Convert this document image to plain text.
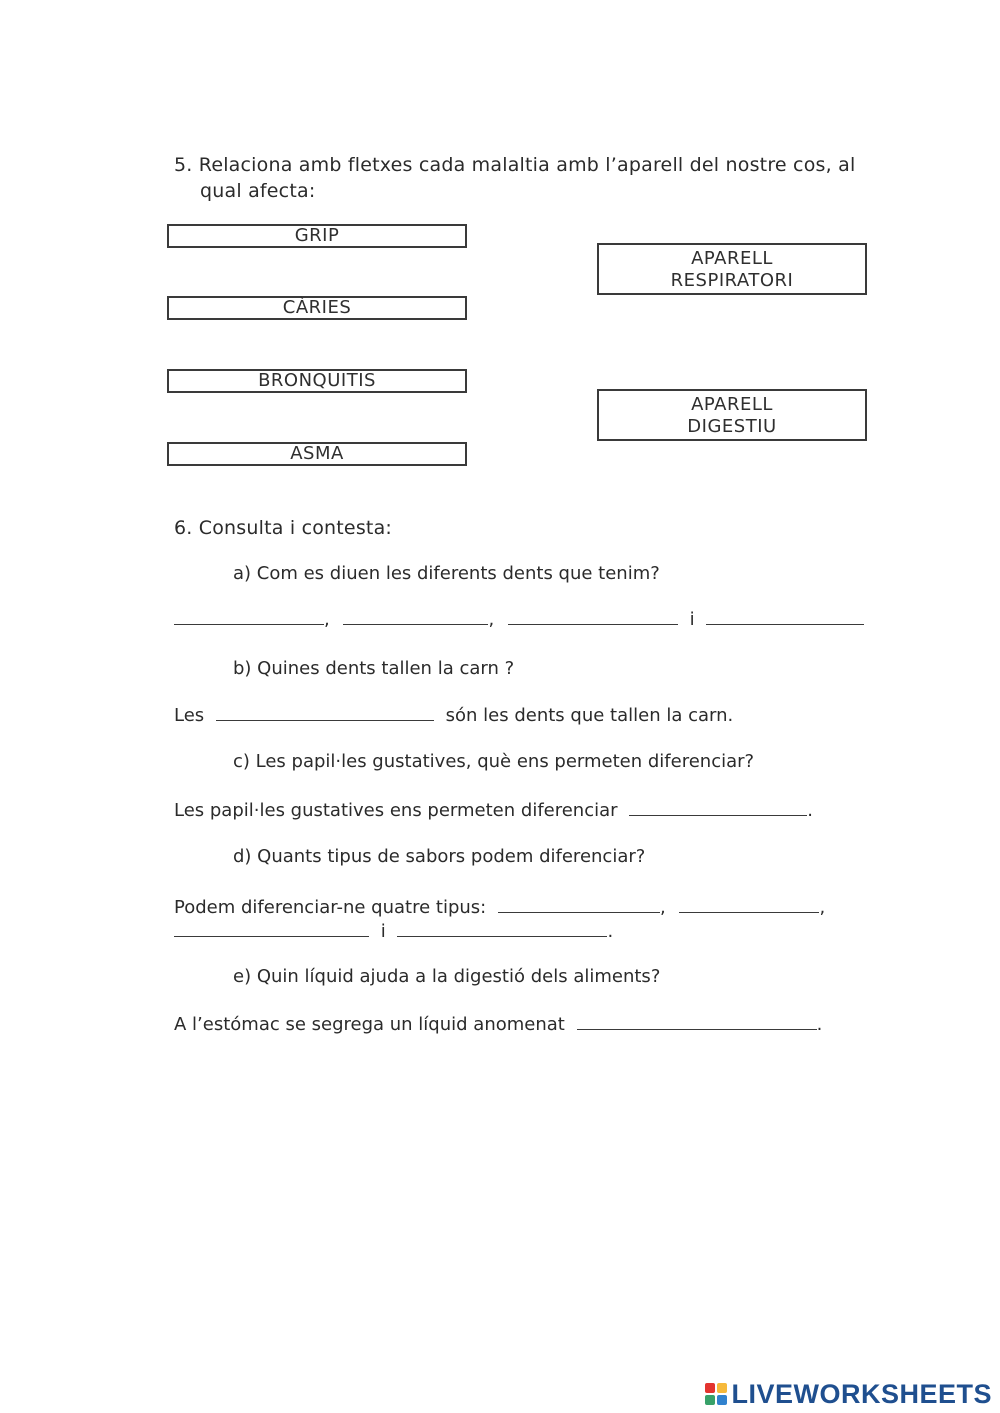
5. Relaciona amb fletxes cada malaltia amb l’aparell del nostre cos, al
qual afecta:
GRIP
CÀRIES
BRONQUITIS
ASMA
APARELL
RESPIRATORI
APARELL
DIGESTIU
6. Consulta i contesta:
a) Com es diuen les diferents dents que tenim?
,	,	i
b) Quines dents tallen la carn ?
Les	són les dents que tallen la carn.
c) Les papil·les gustatives, què ens permeten diferenciar?
Les papil·les gustatives ens permeten diferenciar	.
d) Quants tipus de sabors podem diferenciar?
Podem diferenciar-ne quatre tipus:	,	,
i	.
e) Quin líquid ajuda a la digestió dels aliments?
A l’estómac se segrega un líquid anomenat	.
LIVEWORKSHEETS
